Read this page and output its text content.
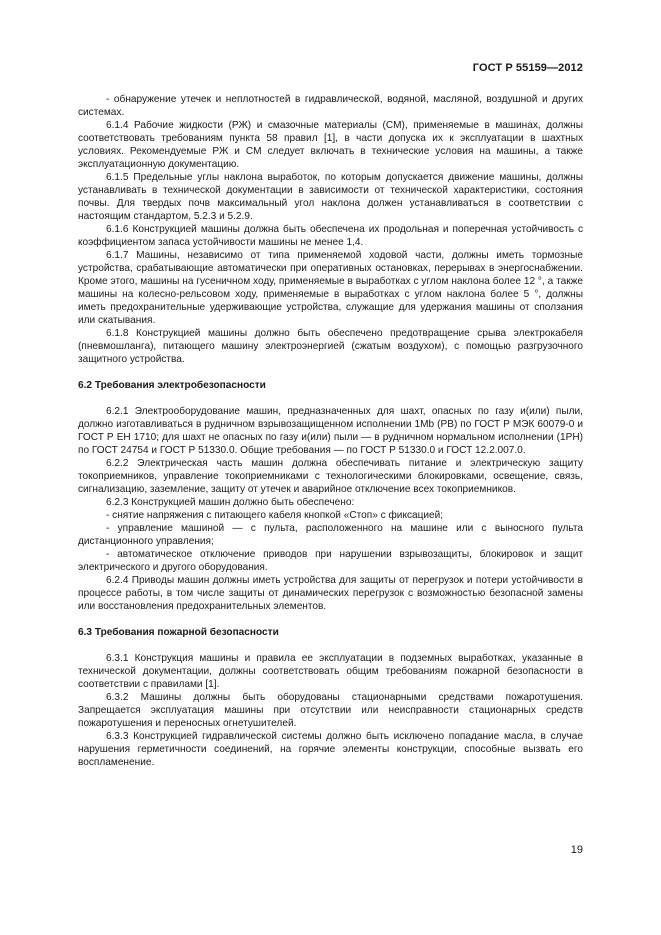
ГОСТ Р 55159—2012

- обнаружение утечек и неплотностей в гидравлической, водяной, масляной, воздушной и других системах.

6.1.4 Рабочие жидкости (РЖ) и смазочные материалы (СМ), применяемые в машинах, должны соответствовать требованиям пункта 58 правил [1], в части допуска их к эксплуатации в шахтных условиях. Рекомендуемые РЖ и СМ следует включать в технические условия на машины, а также эксплуатационную документацию.

6.1.5 Предельные углы наклона выработок, по которым допускается движение машины, должны устанавливать в технической документации в зависимости от технической характеристики, состояния почвы. Для твердых почв максимальный угол наклона должен устанавливаться в соответствии с настоящим стандартом, 5.2.3 и 5.2.9.

6.1.6 Конструкцией машины должна быть обеспечена их продольная и поперечная устойчивость с коэффициентом запаса устойчивости машины не менее 1,4.

6.1.7 Машины, независимо от типа применяемой ходовой части, должны иметь тормозные устройства, срабатывающие автоматически при оперативных остановках, перерывах в энергоснабжении. Кроме этого, машины на гусеничном ходу, применяемые в выработках с углом наклона более 12 °, а также машины на колесно-рельсовом ходу, применяемые в выработках с углом наклона более 5 °, должны иметь предохранительные удерживающие устройства, служащие для удержания машины от сползания или скатывания.

6.1.8 Конструкцией машины должно быть обеспечено предотвращение срыва электрокабеля (пневмошланга), питающего машину электроэнергией (сжатым воздухом), с помощью разгрузочного защитного устройства.

6.2 Требования электробезопасности

6.2.1 Электрооборудование машин, предназначенных для шахт, опасных по газу и(или) пыли, должно изготавливаться в рудничном взрывозащищенном исполнении 1Mb (РВ) по ГОСТ Р МЭК 60079-0 и ГОСТ Р ЕН 1710; для шахт не опасных по газу и(или) пыли — в рудничном нормальном исполнении (1РН) по ГОСТ 24754 и ГОСТ Р 51330.0. Общие требования — по ГОСТ Р 51330.0 и ГОСТ 12.2.007.0.

6.2.2 Электрическая часть машин должна обеспечивать питание и электрическую защиту токоприемников, управление токоприемниками с технологическими блокировками, освещение, связь, сигнализацию, заземление, защиту от утечек и аварийное отключение всех токоприемников.

6.2.3 Конструкцией машин должно быть обеспечено:

- снятие напряжения с питающего кабеля кнопкой «Стоп» с фиксацией;

- управление машиной — с пульта, расположенного на машине или с выносного пульта дистанционного управления;

- автоматическое отключение приводов при нарушении взрывозащиты, блокировок и защит электрического и другого оборудования.

6.2.4 Приводы машин должны иметь устройства для защиты от перегрузок и потери устойчивости в процессе работы, в том числе защиты от динамических перегрузок с возможностью безопасной замены или восстановления предохранительных элементов.

6.3 Требования пожарной безопасности

6.3.1 Конструкция машины и правила ее эксплуатации в подземных выработках, указанные в технической документации, должны соответствовать общим требованиям пожарной безопасности в соответствии с правилами [1].

6.3.2 Машины должны быть оборудованы стационарными средствами пожаротушения. Запрещается эксплуатация машины при отсутствии или неисправности стационарных средств пожаротушения и переносных огнетушителей.

6.3.3 Конструкцией гидравлической системы должно быть исключено попадание масла, в случае нарушения герметичности соединений, на горячие элементы конструкции, способные вызвать его воспламенение.

19
